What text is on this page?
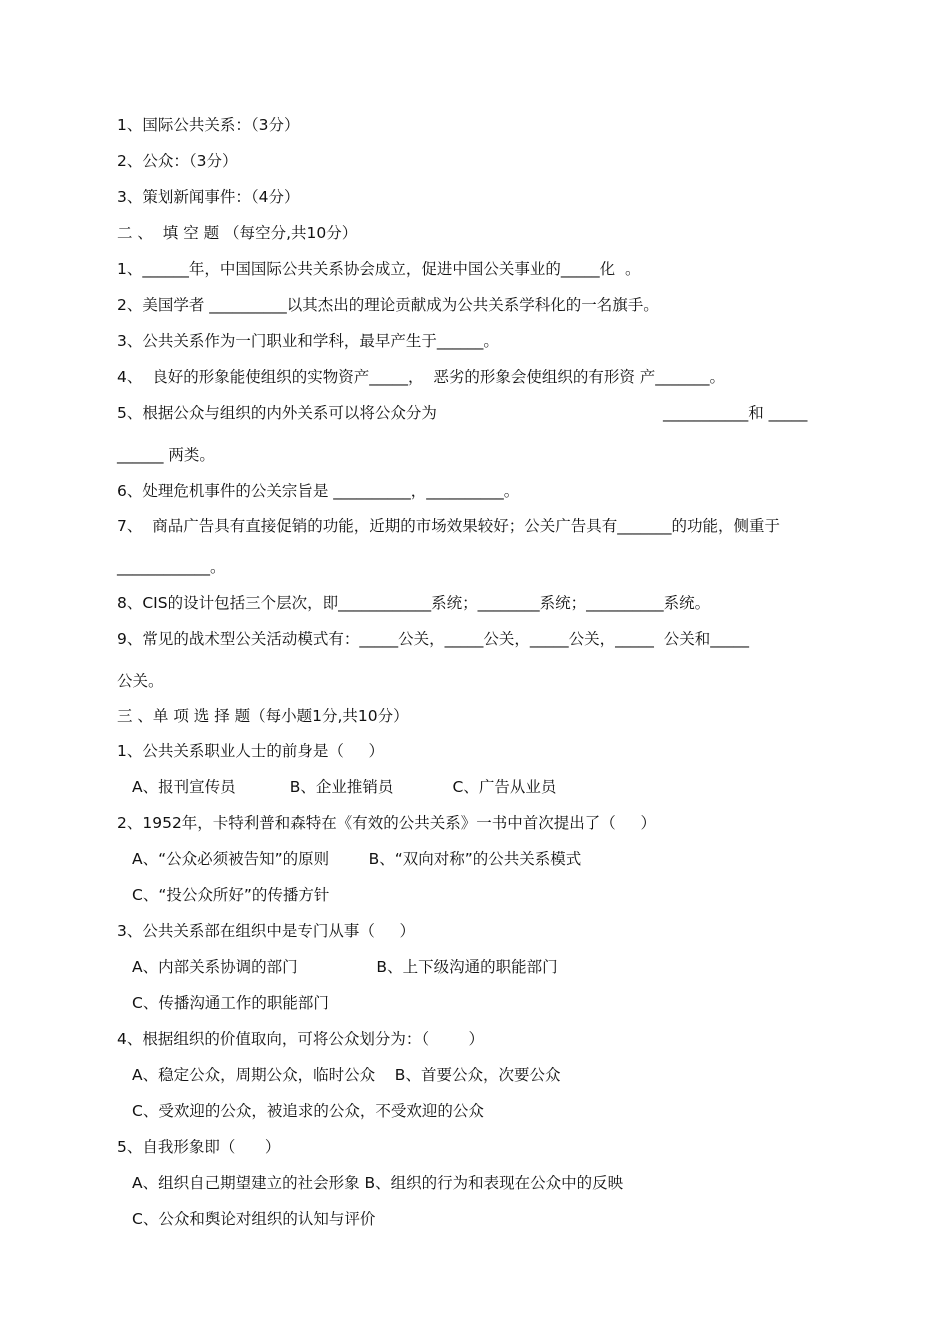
1、国际公共关系：（3分）
2、公众：（3分）
3、策划新闻事件：（4分）
二 、  填 空 题 （每空分,共10分）
1、______年，中国国际公共关系协会成立，促进中国公关事业的_____化  。
2、美国学者 __________以其杰出的理论贡献成为公共关系学科化的一名旗手。
3、公共关系作为一门职业和学科，最早产生于______。
4、  良好的形象能使组织的实物资产_____，  恶劣的形象会使组织的有形资 产_______。
5、根据公众与组织的内外关系可以将公众分为	___________和 _____
______ 两类。
6、处理危机事件的公关宗旨是 __________，__________。
7、  商品广告具有直接促销的功能，近期的市场效果较好；公关广告具有_______的功能，侧重于
____________。
8、CIS的设计包括三个层次，即____________系统；________系统；__________系统。
9、常见的战术型公关活动模式有：_____公关，_____公关，_____公关，_____  公关和_____
公关。
三 、单 项 选 择 题（每小题1分,共10分）
1、公共关系职业人士的前身是（     ）
A、报刊宣传员           B、企业推销员            C、广告从业员
2、1952年，卡特利普和森特在《有效的公共关系》一书中首次提出了（     ）
A、“公众必须被告知”的原则        B、“双向对称”的公共关系模式
C、“投公众所好”的传播方针
3、公共关系部在组织中是专门从事（     ）
A、内部关系协调的部门                B、上下级沟通的职能部门
C、传播沟通工作的职能部门
4、根据组织的价值取向，可将公众划分为：（        ）
A、稳定公众，周期公众，临时公众    B、首要公众，次要公众
C、受欢迎的公众，被追求的公众，不受欢迎的公众
5、自我形象即（      ）
A、组织自己期望建立的社会形象 B、组织的行为和表现在公众中的反映
C、公众和舆论对组织的认知与评价
